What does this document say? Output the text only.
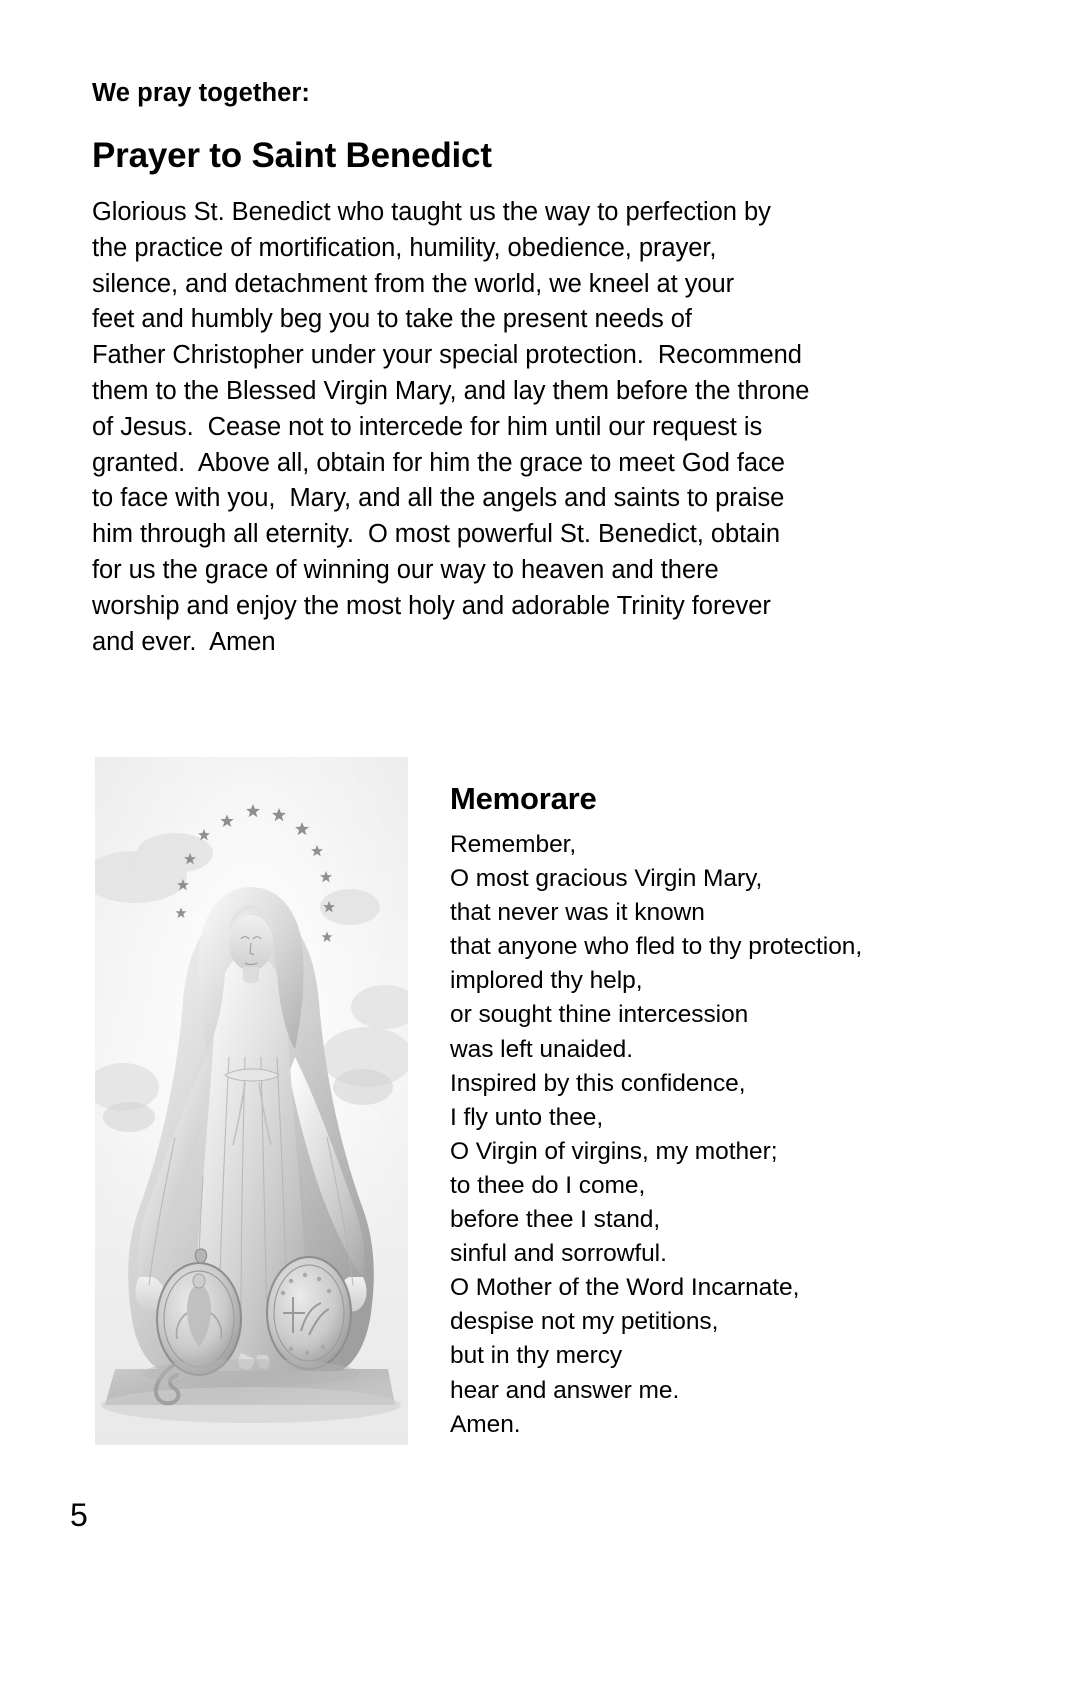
We pray together:
Prayer to Saint Benedict
Glorious St. Benedict who taught us the way to perfection by
the practice of mortification, humility, obedience, prayer,
silence, and detachment from the world, we kneel at your
feet and humbly beg you to take the present needs of
Father Christopher under your special protection.  Recommend
them to the Blessed Virgin Mary, and lay them before the throne
of Jesus.  Cease not to intercede for him until our request is
granted.  Above all, obtain for him the grace to meet God face
to face with you,  Mary, and all the angels and saints to praise
him through all eternity.  O most powerful St. Benedict, obtain
for us the grace of winning our way to heaven and there
worship and enjoy the most holy and adorable Trinity forever
and ever.  Amen
Memorare
Remember,
O most gracious Virgin Mary,
that never was it known
that anyone who fled to thy protection,
implored thy help,
or sought thine intercession
was left unaided.
Inspired by this confidence,
I fly unto thee,
O Virgin of virgins, my mother;
to thee do I come,
before thee I stand,
sinful and sorrowful.
O Mother of the Word Incarnate,
despise not my petitions,
but in thy mercy
hear and answer me.
Amen.
5
